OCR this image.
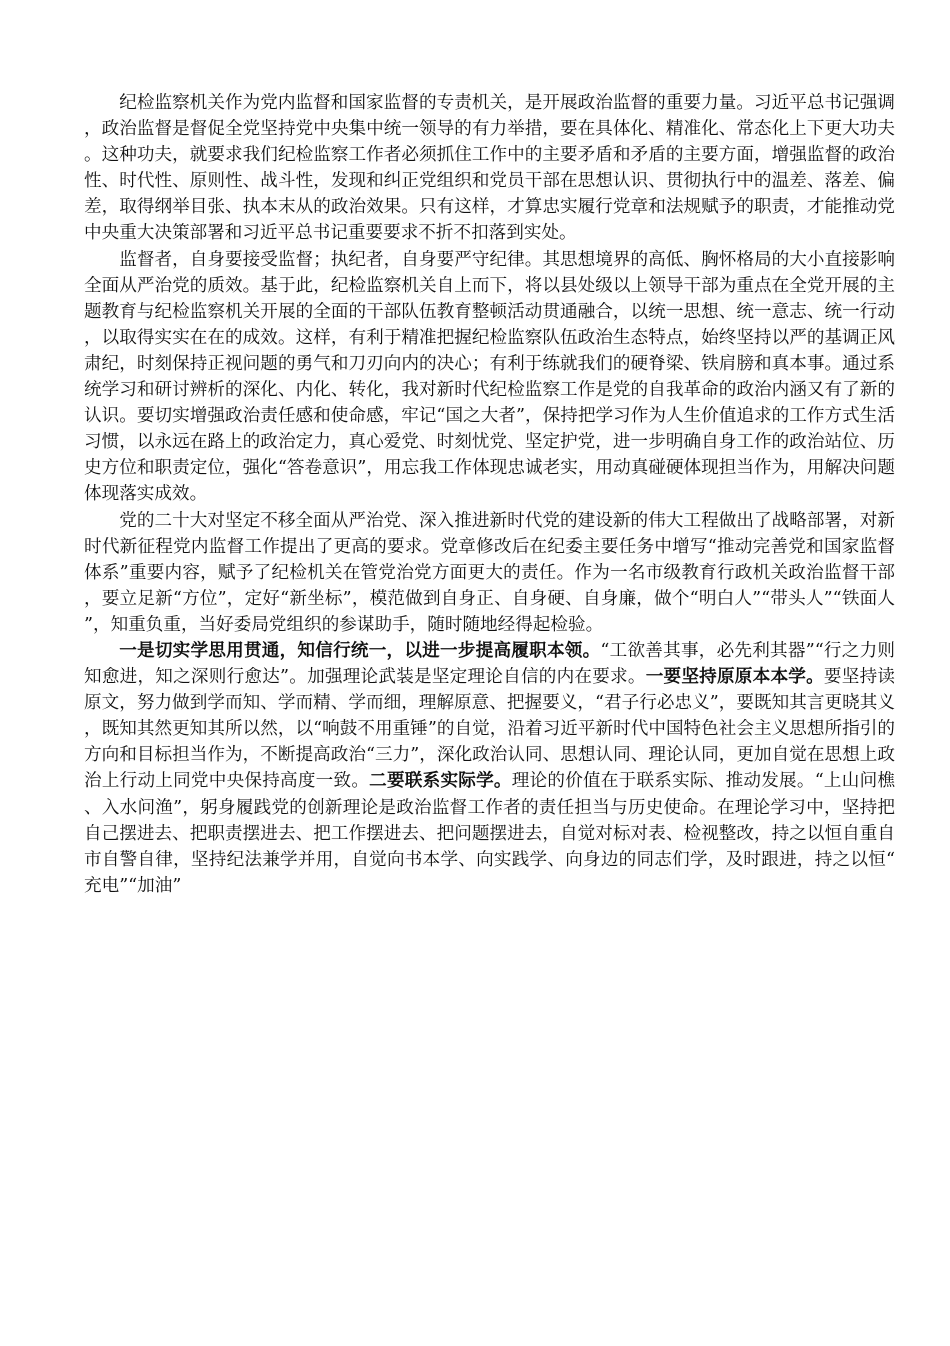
纪检监察机关作为党内监督和国家监督的专责机关，是开展政治监督的重要力量。习近平总书记强调，政治监督是督促全党坚持党中央集中统一领导的有力举措，要在具体化、精准化、常态化上下更大功夫。这种功夫，就要求我们纪检监察工作者必须抓住工作中的主要矛盾和矛盾的主要方面，增强监督的政治性、时代性、原则性、战斗性，发现和纠正党组织和党员干部在思想认识、贯彻执行中的温差、落差、偏差，取得纲举目张、执本末从的政治效果。只有这样，才算忠实履行党章和法规赋予的职责，才能推动党中央重大决策部署和习近平总书记重要要求不折不扣落到实处。

监督者，自身要接受监督；执纪者，自身要严守纪律。其思想境界的高低、胸怀格局的大小直接影响全面从严治党的质效。基于此，纪检监察机关自上而下，将以县处级以上领导干部为重点在全党开展的主题教育与纪检监察机关开展的全面的干部队伍教育整顿活动贯通融合，以统一思想、统一意志、统一行动，以取得实实在在的成效。这样，有利于精准把握纪检监察队伍政治生态特点，始终坚持以严的基调正风肃纪，时刻保持正视问题的勇气和刀刃向内的决心；有利于练就我们的硬脊梁、铁肩膀和真本事。通过系统学习和研讨辨析的深化、内化、转化，我对新时代纪检监察工作是党的自我革命的政治内涵又有了新的认识。要切实增强政治责任感和使命感，牢记“国之大者”，保持把学习作为人生价值追求的工作方式生活习惯，以永远在路上的政治定力，真心爱党、时刻忧党、坚定护党，进一步明确自身工作的政治站位、历史方位和职责定位，强化“答卷意识”，用忘我工作体现忠诚老实，用动真碰硬体现担当作为，用解决问题体现落实成效。

党的二十大对坚定不移全面从严治党、深入推进新时代党的建设新的伟大工程做出了战略部署，对新时代新征程党内监督工作提出了更高的要求。党章修改后在纪委主要任务中增写“推动完善党和国家监督体系”重要内容，赋予了纪检机关在管党治党方面更大的责任。作为一名市级教育行政机关政治监督干部，要立足新“方位”，定好“新坐标”，模范做到自身正、自身硬、自身廉，做个“明白人”“带头人”“铁面人”，知重负重，当好委局党组织的参谋助手，随时随地经得起检验。

一是切实学思用贯通，知信行统一，以进一步提高履职本领。“工欲善其事，必先利其器”“行之力则知愈进，知之深则行愈达”。加强理论武装是坚定理论自信的内在要求。一要坚持原原本本学。要坚持读原文，努力做到学而知、学而精、学而细，理解原意、把握要义，“君子行必忠义”，要既知其言更晓其义，既知其然更知其所以然，以“响鼓不用重锤”的自觉，沿着习近平新时代中国特色社会主义思想所指引的方向和目标担当作为，不断提高政治“三力”，深化政治认同、思想认同、理论认同，更加自觉在思想上政治上行动上同党中央保持高度一致。二要联系实际学。理论的价值在于联系实际、推动发展。“上山问樵、入水问渔”，躬身履践党的创新理论是政治监督工作者的责任担当与历史使命。在理论学习中，坚持把自己摆进去、把职责摆进去、把工作摆进去、把问题摆进去，自觉对标对表、检视整改，持之以恒自重自市自警自律，坚持纪法兼学并用，自觉向书本学、向实践学、向身边的同志们学，及时跟进，持之以恒“充电”“加油”
